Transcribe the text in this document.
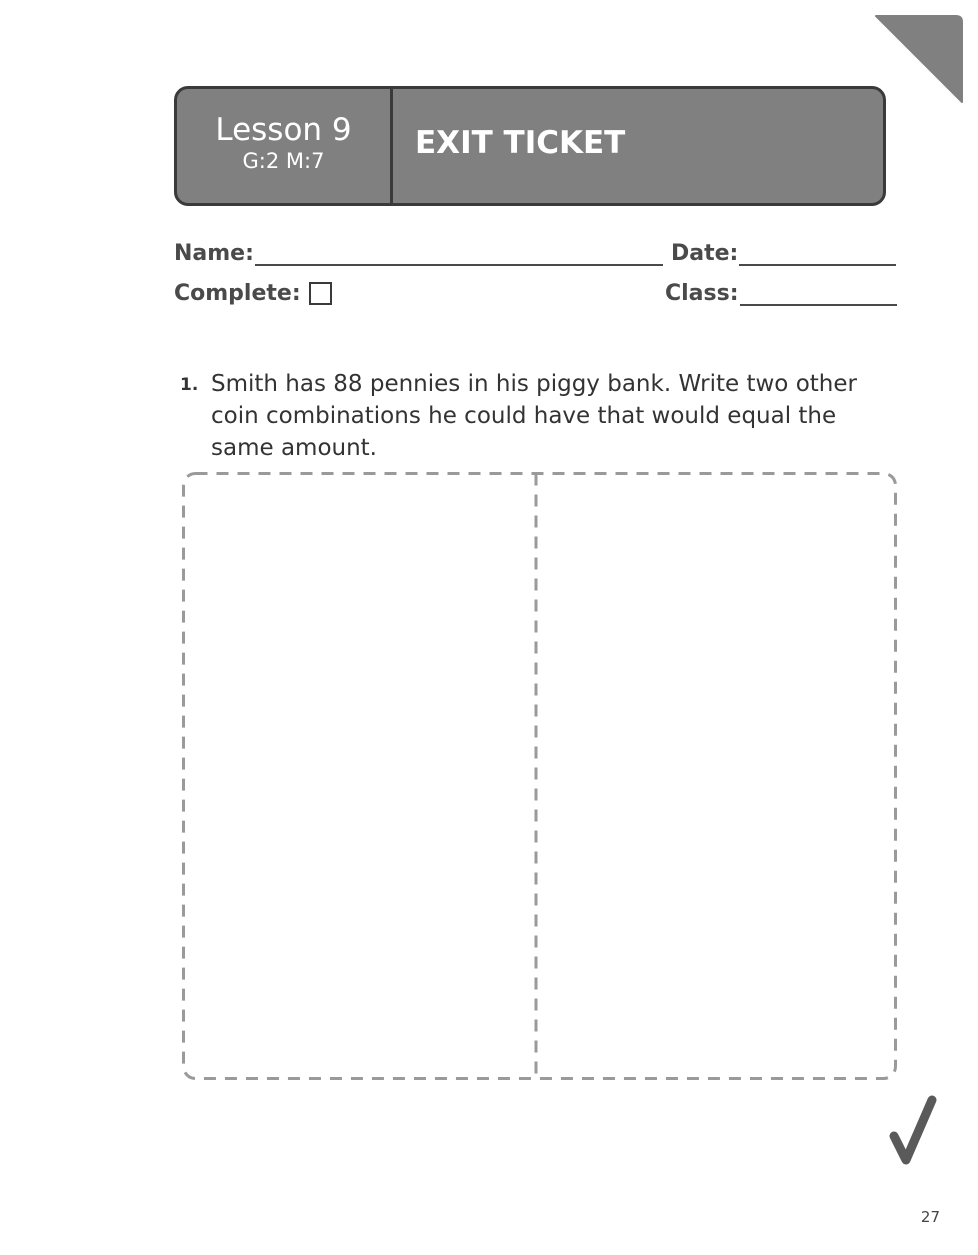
Lesson 9
G:2 M:7	EXIT TICKET
Name:	Date:
Complete:	Class:
1. Smith has 88 pennies in his piggy bank. Write two other coin combinations he could have that would equal the same amount.
27
